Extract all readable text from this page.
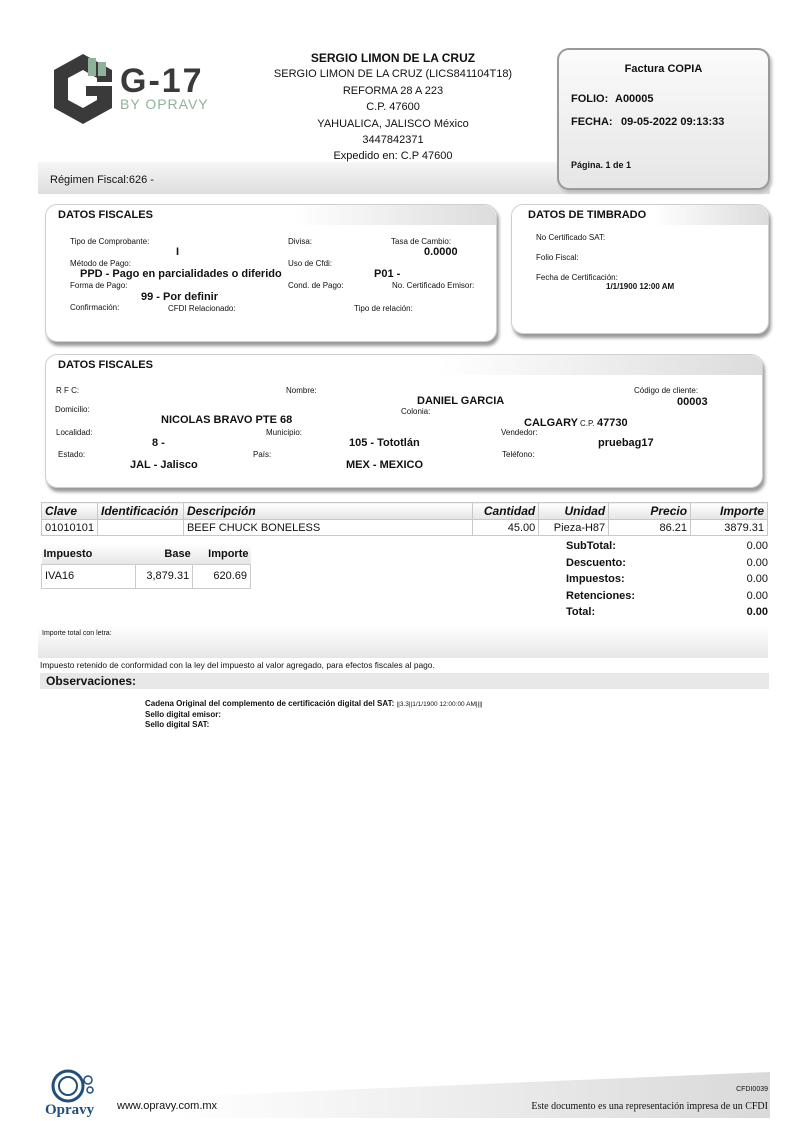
G-17
BY OPRAVY
SERGIO LIMON DE LA CRUZ
SERGIO LIMON DE LA CRUZ (LICS841104T18)
REFORMA 28 A 223
C.P. 47600
YAHUALICA, JALISCO México
3447842371
Expedido en: C.P 47600
Régimen Fiscal:626 -
Factura COPIA
FOLIO: A00005
FECHA: 09-05-2022 09:13:33
Página. 1 de 1
DATOS FISCALES
Tipo de Comprobante:
I
Divisa:	Tasa de Cambio:
0.0000
Método de Pago:
PPD - Pago en parcialidades o diferido
Uso de Cfdi:
P01 -
Forma de Pago:
99 - Por definir
Cond. de Pago:	No. Certificado Emisor:
Confirmación:	CFDI Relacionado:	Tipo de relación:
DATOS DE TIMBRADO
No Certificado SAT:
Folio Fiscal:
Fecha de Certificación:
1/1/1900 12:00 AM
DATOS FISCALES
R F C:	Nombre:
DANIEL GARCIA
Código de cliente:
00003
Domicilio:
NICOLAS BRAVO PTE 68
Colonia:
CALGARY C.P. 47730
Localidad:
8 -
Municipio:
105 - Tototlán
Vendedor:
pruebag17
Estado:
JAL - Jalisco
País:
MEX - MEXICO
Teléfono:
Clave	Identificación	Descripción	Cantidad	Unidad	Precio	Importe
01010101		BEEF CHUCK BONELESS	45.00	Pieza-H87	86.21	3879.31
Impuesto	Base	Importe
IVA16	3,879.31	620.69
SubTotal:	0.00
Descuento:	0.00
Impuestos:	0.00
Retenciones:	0.00
Total:	0.00
Importe total con letra:
Impuesto retenido de conformidad con la ley del impuesto al valor agregado, para efectos fiscales al pago.
Observaciones:
Cadena Original del complemento de certificación digital del SAT: ||3.3||1/1/1900 12:00:00 AM||||
Sello digital emisor:
Sello digital SAT:
Opravy www.opravy.com.mx
CFDI0039
Este documento es una representación impresa de un CFDI
